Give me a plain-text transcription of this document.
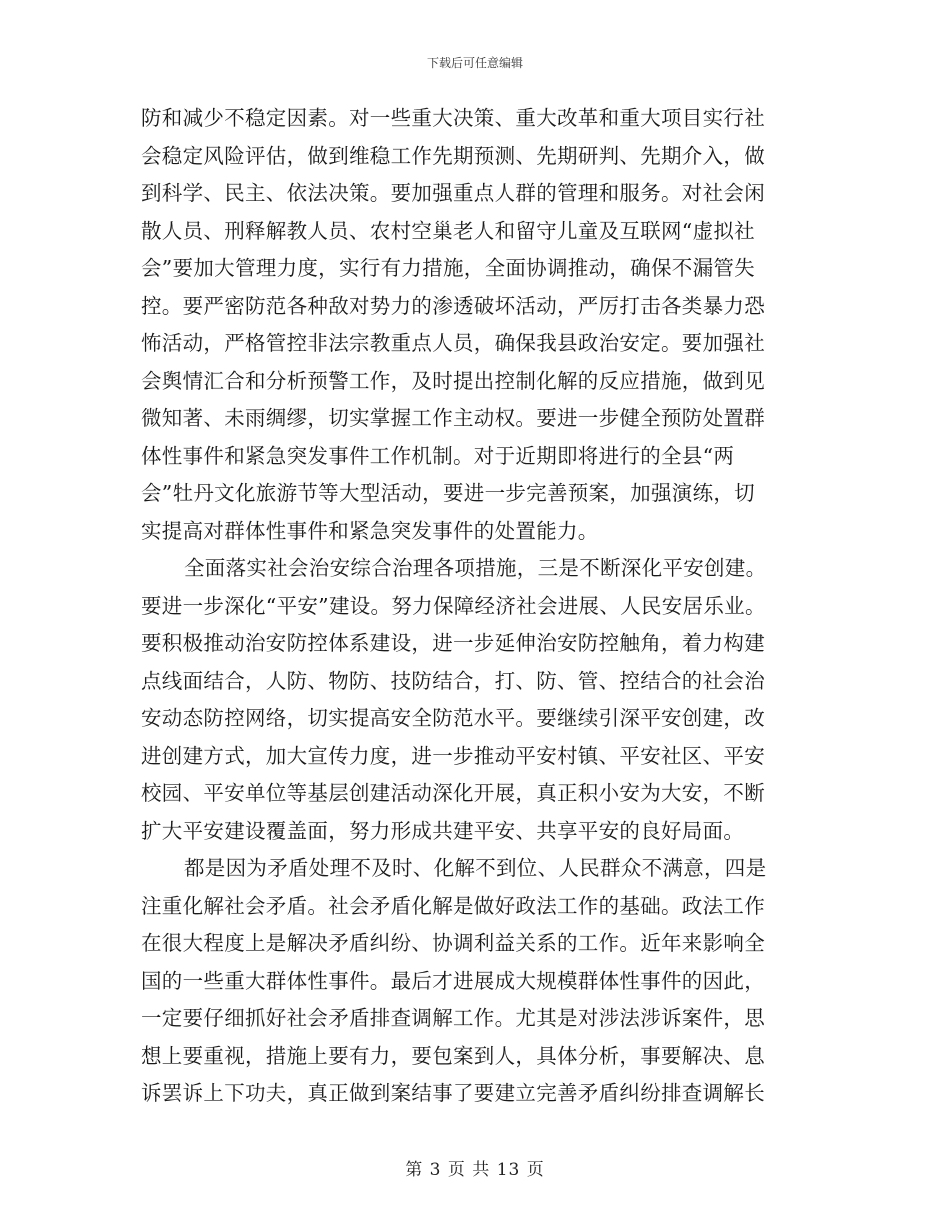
下载后可任意编辑

防和减少不稳定因素。对一些重大决策、重大改革和重大项目实行社
会稳定风险评估，做到维稳工作先期预测、先期研判、先期介入，做
到科学、民主、依法决策。要加强重点人群的管理和服务。对社会闲
散人员、刑释解教人员、农村空巢老人和留守儿童及互联网“虚拟社
会”要加大管理力度，实行有力措施，全面协调推动，确保不漏管失
控。要严密防范各种敌对势力的渗透破坏活动，严厉打击各类暴力恐
怖活动，严格管控非法宗教重点人员，确保我县政治安定。要加强社
会舆情汇合和分析预警工作，及时提出控制化解的反应措施，做到见
微知著、未雨绸缪，切实掌握工作主动权。要进一步健全预防处置群
体性事件和紧急突发事件工作机制。对于近期即将进行的全县“两
会”牡丹文化旅游节等大型活动，要进一步完善预案，加强演练，切
实提高对群体性事件和紧急突发事件的处置能力。

全面落实社会治安综合治理各项措施，三是不断深化平安创建。
要进一步深化“平安”建设。努力保障经济社会进展、人民安居乐业。
要积极推动治安防控体系建设，进一步延伸治安防控触角，着力构建
点线面结合，人防、物防、技防结合，打、防、管、控结合的社会治
安动态防控网络，切实提高安全防范水平。要继续引深平安创建，改
进创建方式，加大宣传力度，进一步推动平安村镇、平安社区、平安
校园、平安单位等基层创建活动深化开展，真正积小安为大安，不断
扩大平安建设覆盖面，努力形成共建平安、共享平安的良好局面。

都是因为矛盾处理不及时、化解不到位、人民群众不满意，四是
注重化解社会矛盾。社会矛盾化解是做好政法工作的基础。政法工作
在很大程度上是解决矛盾纠纷、协调利益关系的工作。近年来影响全
国的一些重大群体性事件。最后才进展成大规模群体性事件的因此，
一定要仔细抓好社会矛盾排查调解工作。尤其是对涉法涉诉案件，思
想上要重视，措施上要有力，要包案到人，具体分析，事要解决、息
诉罢诉上下功夫，真正做到案结事了要建立完善矛盾纠纷排查调解长

第 3 页 共 13 页
